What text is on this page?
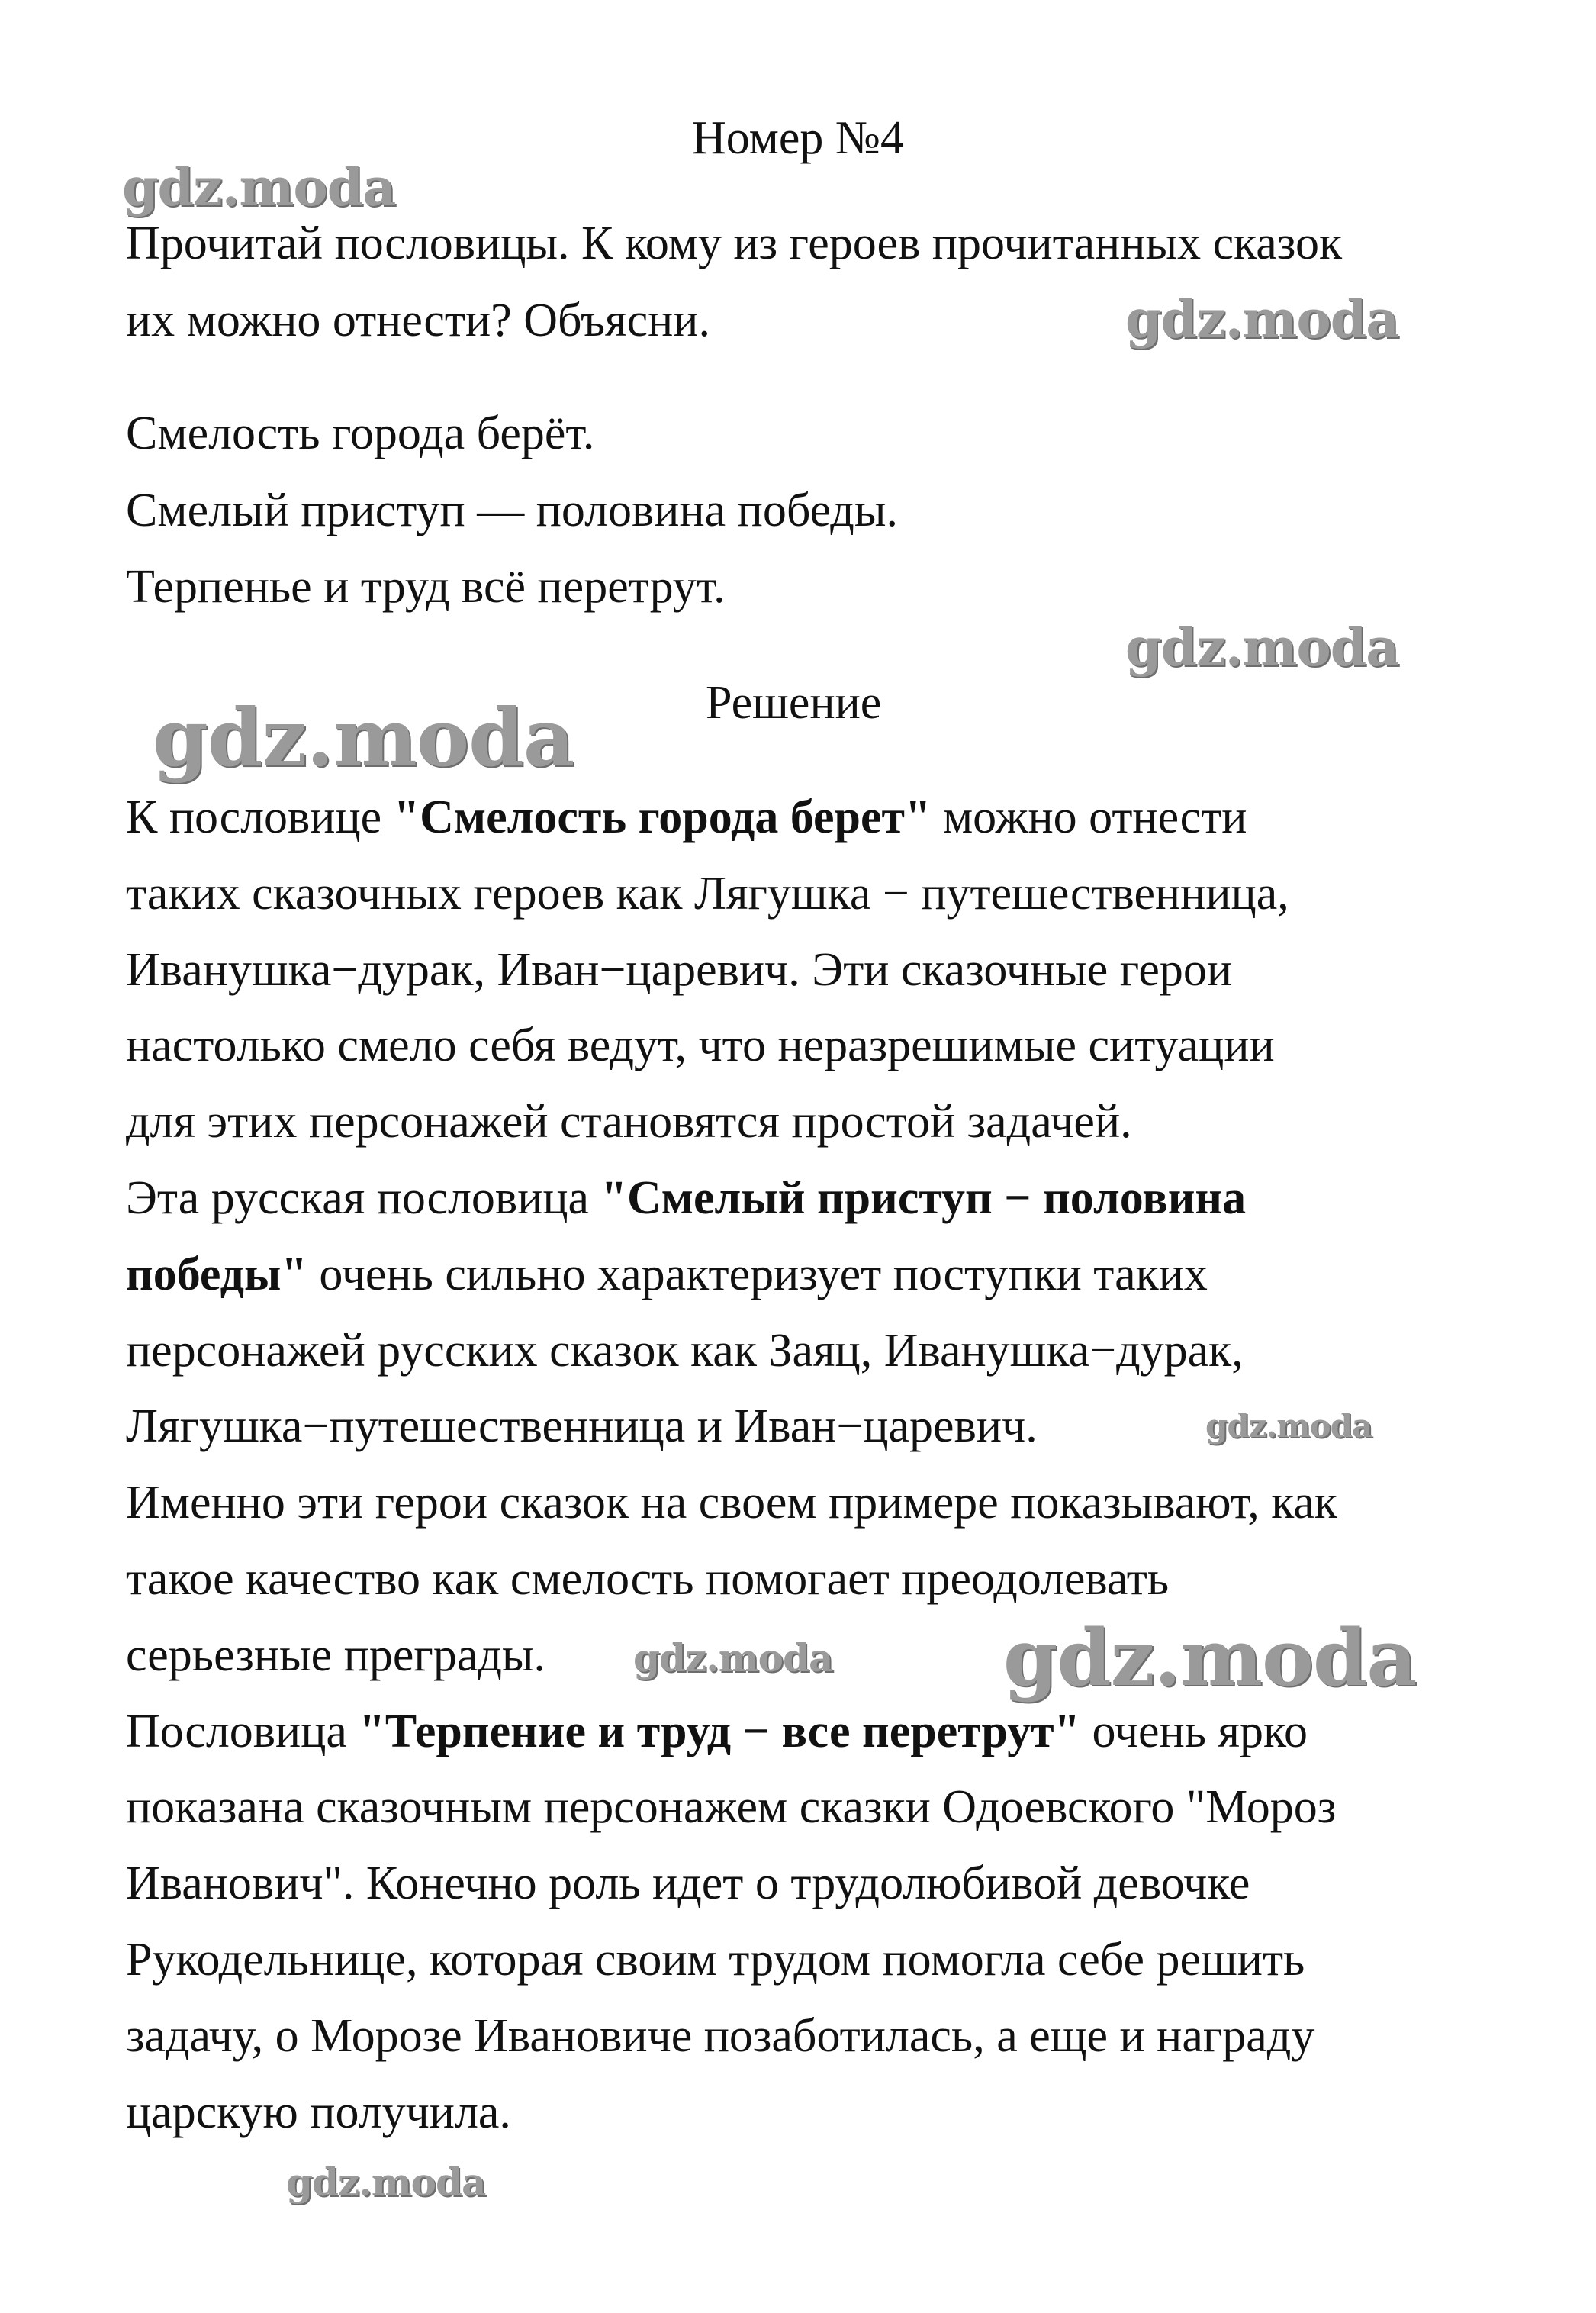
Номер №4
Прочитай пословицы. К кому из героев прочитанных сказок
их можно отнести? Объясни.
Смелость города берёт.
Смелый приступ — половина победы.
Терпенье и труд всё перетрут.
Решение
К пословице "Смелость города берет" можно отнести
таких сказочных героев как Лягушка − путешественница,
Иванушка−дурак, Иван−царевич. Эти сказочные герои
настолько смело себя ведут, что неразрешимые ситуации
для этих персонажей становятся простой задачей.
Эта русская пословица "Смелый приступ − половина
победы" очень сильно характеризует поступки таких
персонажей русских сказок как Заяц, Иванушка−дурак,
Лягушка−путешественница и Иван−царевич.
Именно эти герои сказок на своем примере показывают, как
такое качество как смелость помогает преодолевать
серьезные преграды.
Пословица "Терпение и труд − все перетрут" очень ярко
показана сказочным персонажем сказки Одоевского "Мороз
Иванович". Конечно роль идет о трудолюбивой девочке
Рукодельнице, которая своим трудом помогла себе решить
задачу, о Морозе Ивановиче позаботилась, а еще и награду
царскую получила.
gdz.moda
gdz.moda
gdz.moda
gdz.moda
gdz.moda
gdz.moda gdz.moda
gdz.moda
